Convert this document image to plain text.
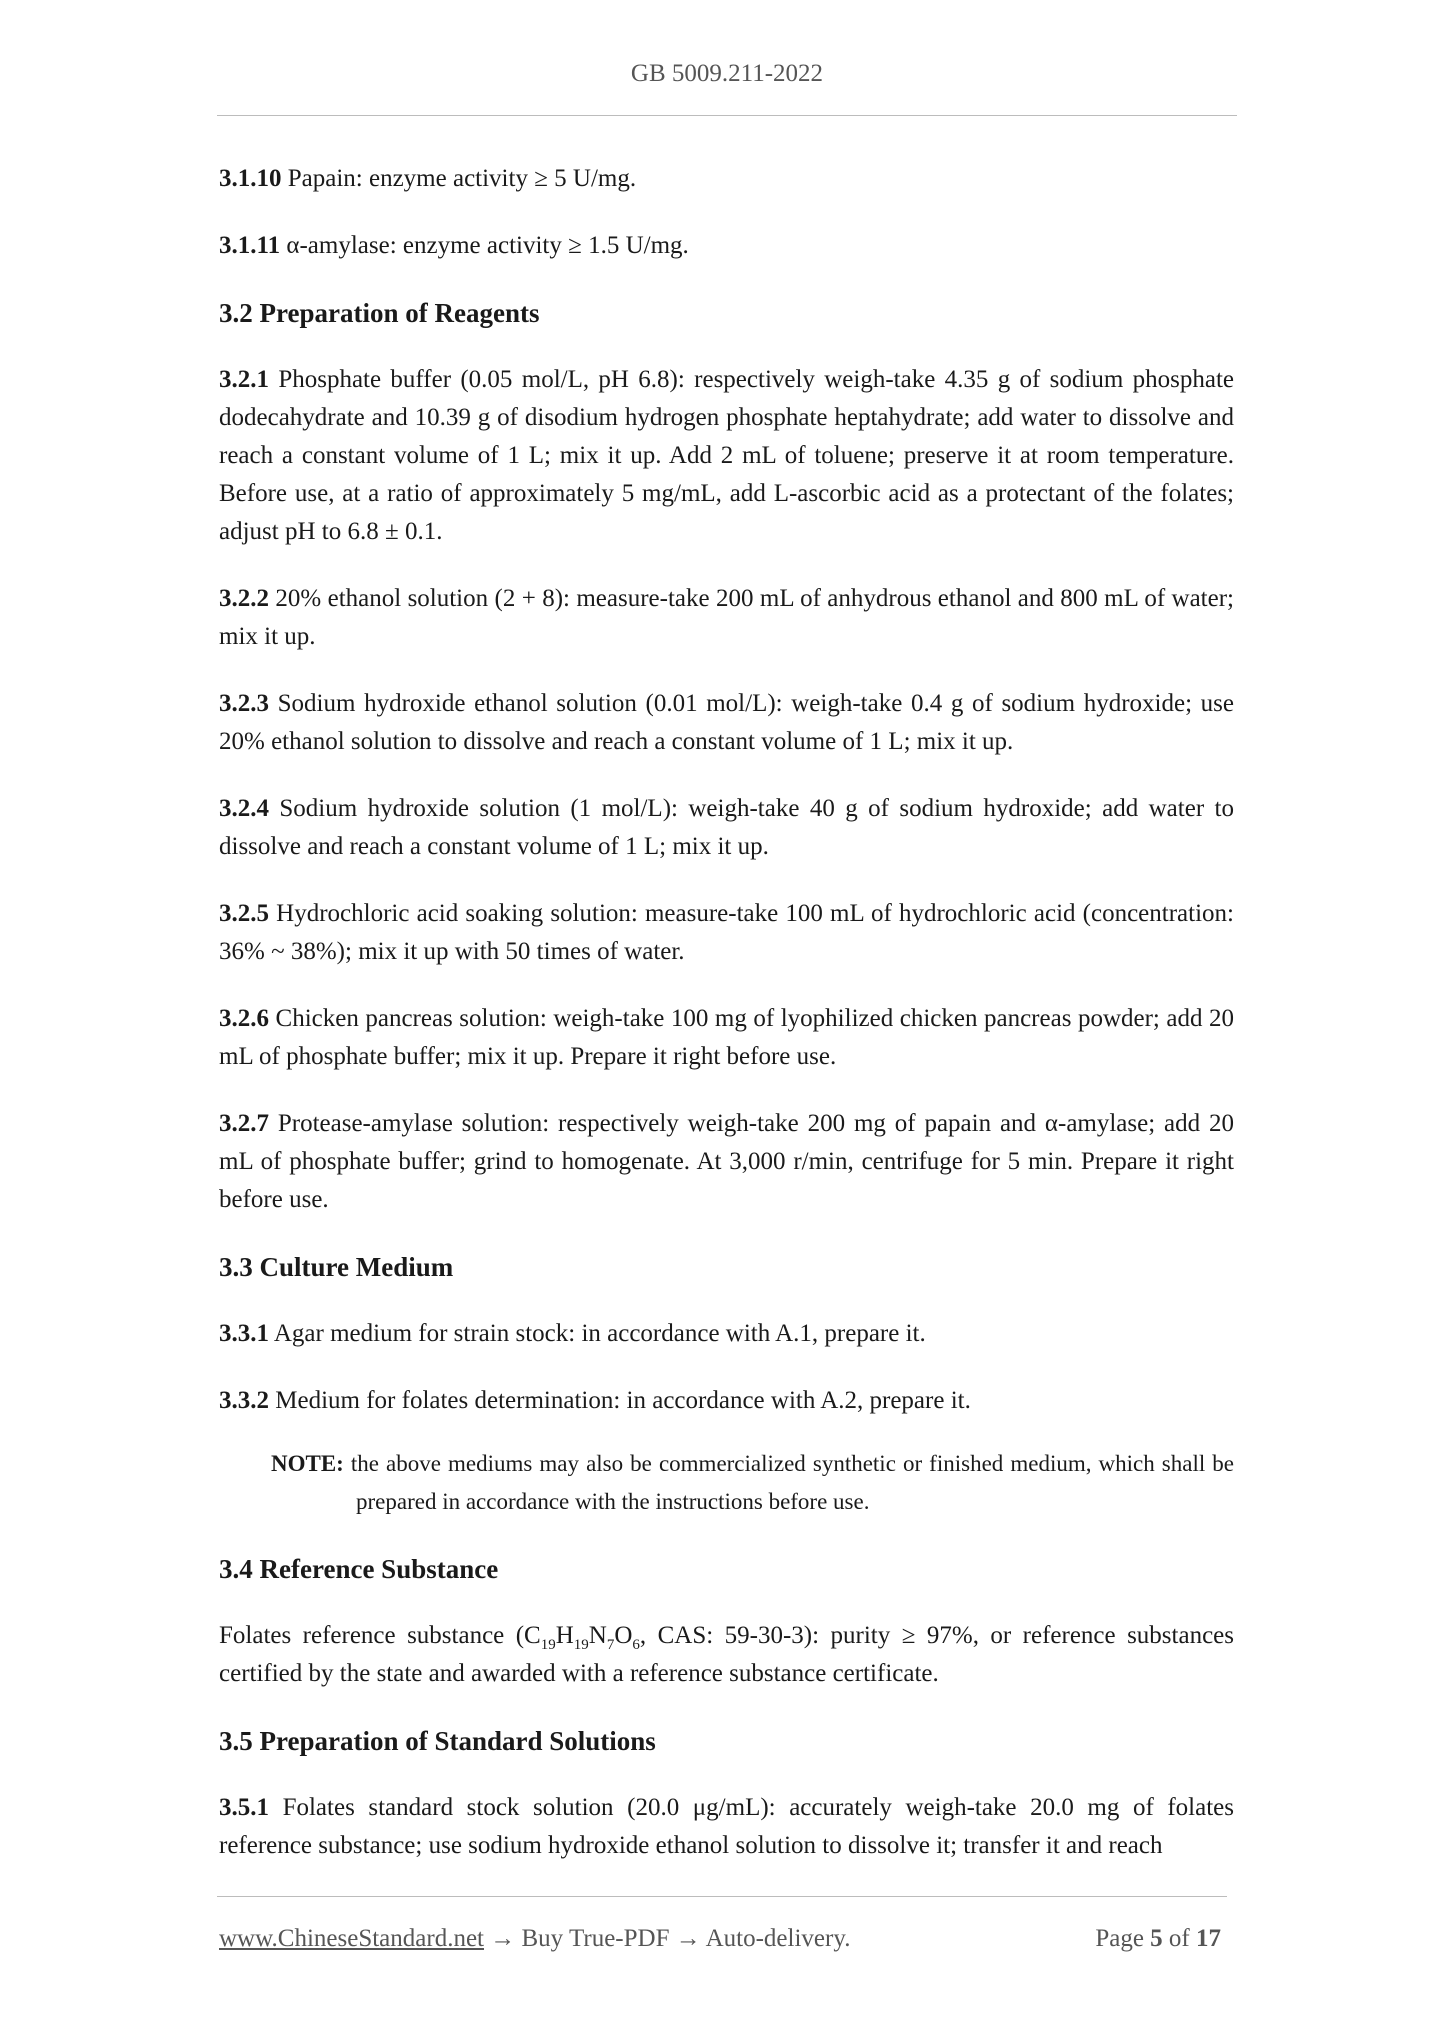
GB 5009.211-2022

3.1.10 Papain: enzyme activity ≥ 5 U/mg.

3.1.11 α-amylase: enzyme activity ≥ 1.5 U/mg.

3.2 Preparation of Reagents

3.2.1 Phosphate buffer (0.05 mol/L, pH 6.8): respectively weigh-take 4.35 g of sodium phosphate dodecahydrate and 10.39 g of disodium hydrogen phosphate heptahydrate; add water to dissolve and reach a constant volume of 1 L; mix it up. Add 2 mL of toluene; preserve it at room temperature. Before use, at a ratio of approximately 5 mg/mL, add L-ascorbic acid as a protectant of the folates; adjust pH to 6.8 ± 0.1.

3.2.2 20% ethanol solution (2 + 8): measure-take 200 mL of anhydrous ethanol and 800 mL of water; mix it up.

3.2.3 Sodium hydroxide ethanol solution (0.01 mol/L): weigh-take 0.4 g of sodium hydroxide; use 20% ethanol solution to dissolve and reach a constant volume of 1 L; mix it up.

3.2.4 Sodium hydroxide solution (1 mol/L): weigh-take 40 g of sodium hydroxide; add water to dissolve and reach a constant volume of 1 L; mix it up.

3.2.5 Hydrochloric acid soaking solution: measure-take 100 mL of hydrochloric acid (concentration: 36% ~ 38%); mix it up with 50 times of water.

3.2.6 Chicken pancreas solution: weigh-take 100 mg of lyophilized chicken pancreas powder; add 20 mL of phosphate buffer; mix it up. Prepare it right before use.

3.2.7 Protease-amylase solution: respectively weigh-take 200 mg of papain and α-amylase; add 20 mL of phosphate buffer; grind to homogenate. At 3,000 r/min, centrifuge for 5 min. Prepare it right before use.

3.3 Culture Medium

3.3.1 Agar medium for strain stock: in accordance with A.1, prepare it.

3.3.2 Medium for folates determination: in accordance with A.2, prepare it.

NOTE: the above mediums may also be commercialized synthetic or finished medium, which shall be prepared in accordance with the instructions before use.

3.4 Reference Substance

Folates reference substance ($C_{19}H_{19}N_7O_6$, CAS: 59-30-3): purity ≥ 97%, or reference substances certified by the state and awarded with a reference substance certificate.

3.5 Preparation of Standard Solutions

3.5.1 Folates standard stock solution (20.0 μg/mL): accurately weigh-take 20.0 mg of folates reference substance; use sodium hydroxide ethanol solution to dissolve it; transfer it and reach

www.ChineseStandard.net → Buy True-PDF → Auto-delivery.	Page 5 of 17
